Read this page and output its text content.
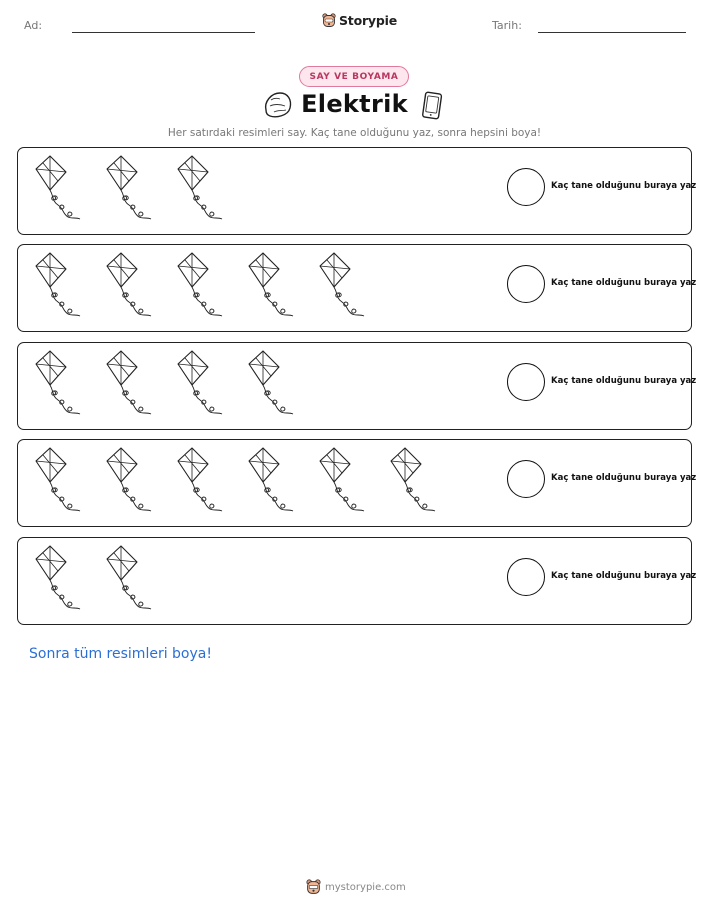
Ad:	Storypie	Tarih:
SAY VE BOYAMA
Elektrik
Her satırdaki resimleri say. Kaç tane olduğunu yaz, sonra hepsini boya!
Kaç tane olduğunu buraya yaz
Kaç tane olduğunu buraya yaz
Kaç tane olduğunu buraya yaz
Kaç tane olduğunu buraya yaz
Kaç tane olduğunu buraya yaz
Sonra tüm resimleri boya!
mystorypie.com
